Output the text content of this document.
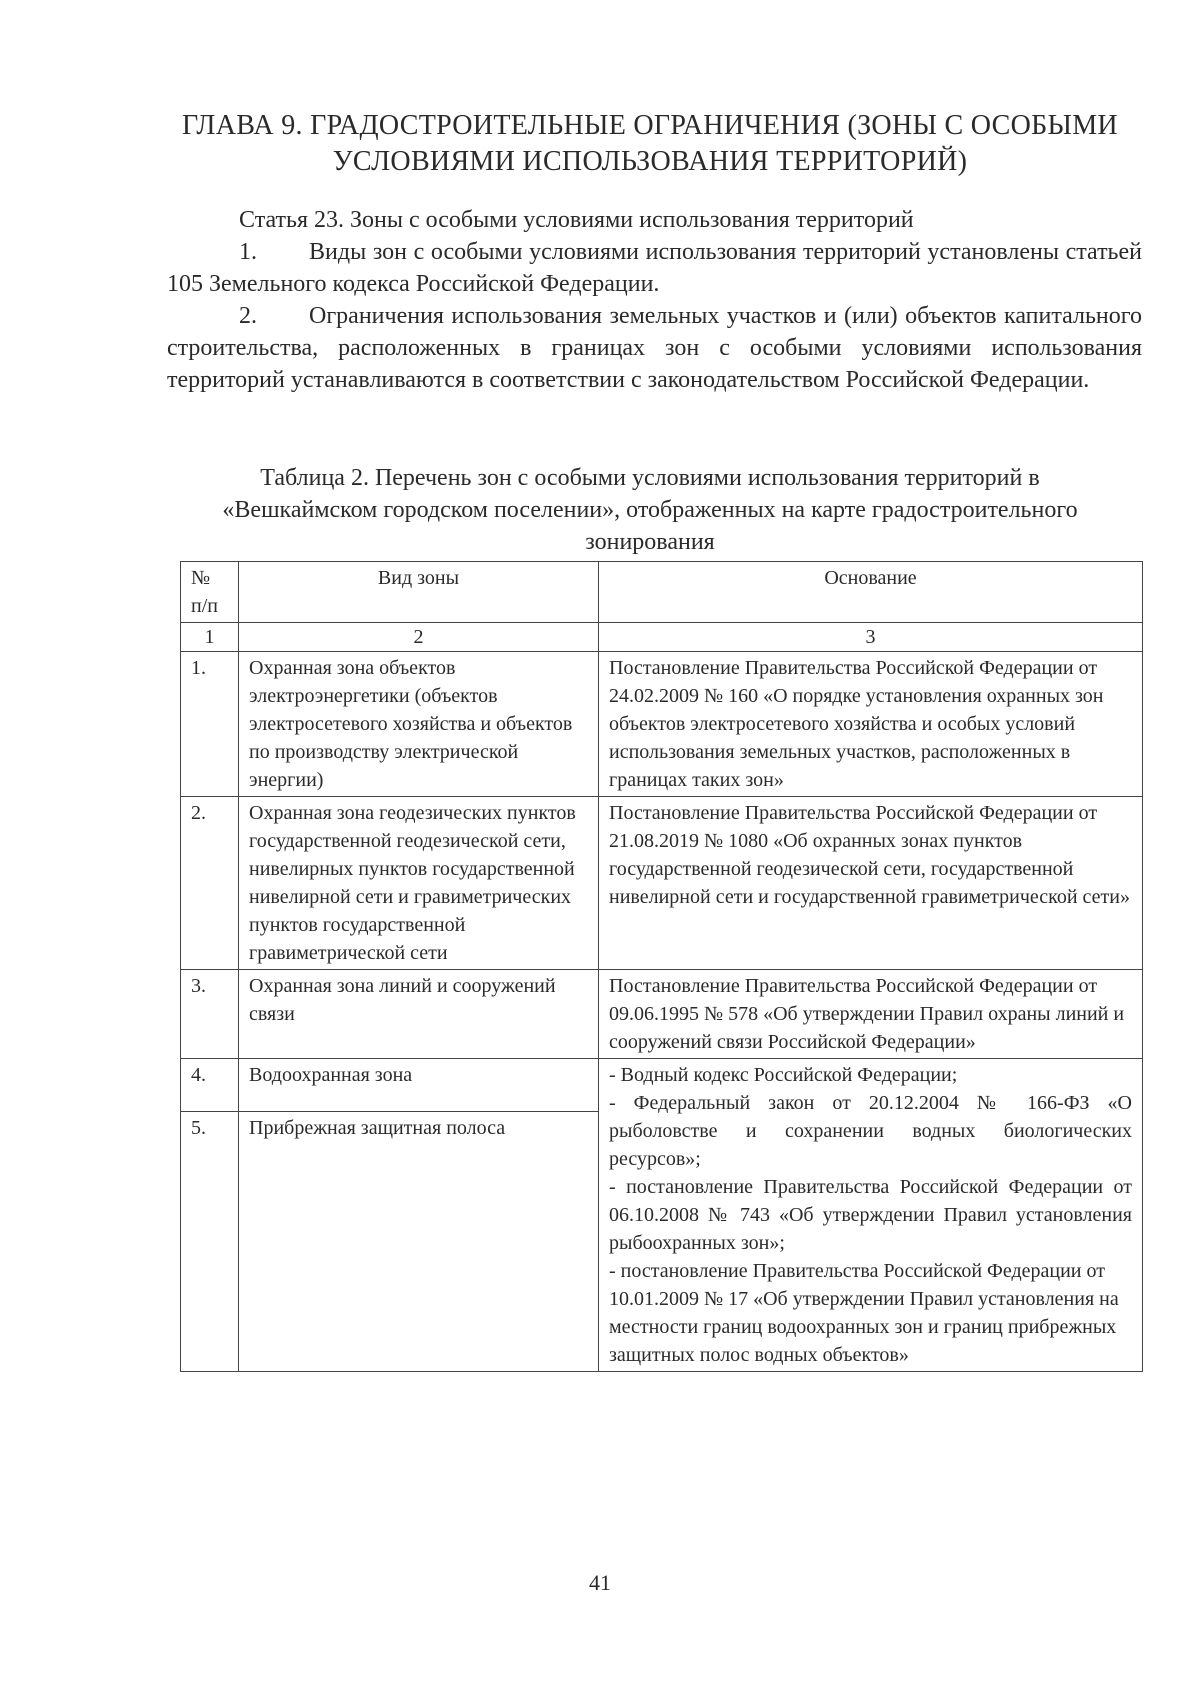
ГЛАВА 9. ГРАДОСТРОИТЕЛЬНЫЕ ОГРАНИЧЕНИЯ (ЗОНЫ С ОСОБЫМИ
УСЛОВИЯМИ ИСПОЛЬЗОВАНИЯ ТЕРРИТОРИЙ)
Статья 23. Зоны с особыми условиями использования территорий
1. Виды зон с особыми условиями использования территорий установлены статьей 105 Земельного кодекса Российской Федерации.
2. Ограничения использования земельных участков и (или) объектов капитального строительства, расположенных в границах зон с особыми условиями использования территорий устанавливаются в соответствии с законодательством Российской Федерации.
Таблица 2. Перечень зон с особыми условиями использования территорий в «Вешкаймском городском поселении», отображенных на карте градостроительного зонирования
№ п/п	Вид зоны	Основание
1	2	3
1.	Охранная зона объектов электроэнергетики (объектов электросетевого хозяйства и объектов по производству электрической энергии)	Постановление Правительства Российской Федерации от 24.02.2009 № 160 «О порядке установления охранных зон объектов электросетевого хозяйства и особых условий использования земельных участков, расположенных в границах таких зон»
2.	Охранная зона геодезических пунктов государственной геодезической сети, нивелирных пунктов государственной нивелирной сети и гравиметрических пунктов государственной гравиметрической сети	Постановление Правительства Российской Федерации от 21.08.2019 № 1080 «Об охранных зонах пунктов государственной геодезической сети, государственной нивелирной сети и государственной гравиметрической сети»
3.	Охранная зона линий и сооружений связи	Постановление Правительства Российской Федерации от 09.06.1995 № 578 «Об утверждении Правил охраны линий и сооружений связи Российской Федерации»
4.	Водоохранная зона	- Водный кодекс Российской Федерации;
- Федеральный закон от 20.12.2004 № 166-ФЗ «О рыболовстве и сохранении водных биологических ресурсов»;
- постановление Правительства Российской Федерации от 06.10.2008 № 743 «Об утверждении Правил установления рыбоохранных зон»;
- постановление Правительства Российской Федерации от 10.01.2009 № 17 «Об утверждении Правил установления на местности границ водоохранных зон и границ прибрежных защитных полос водных объектов»

5.	Прибрежная защитная полоса	
41
